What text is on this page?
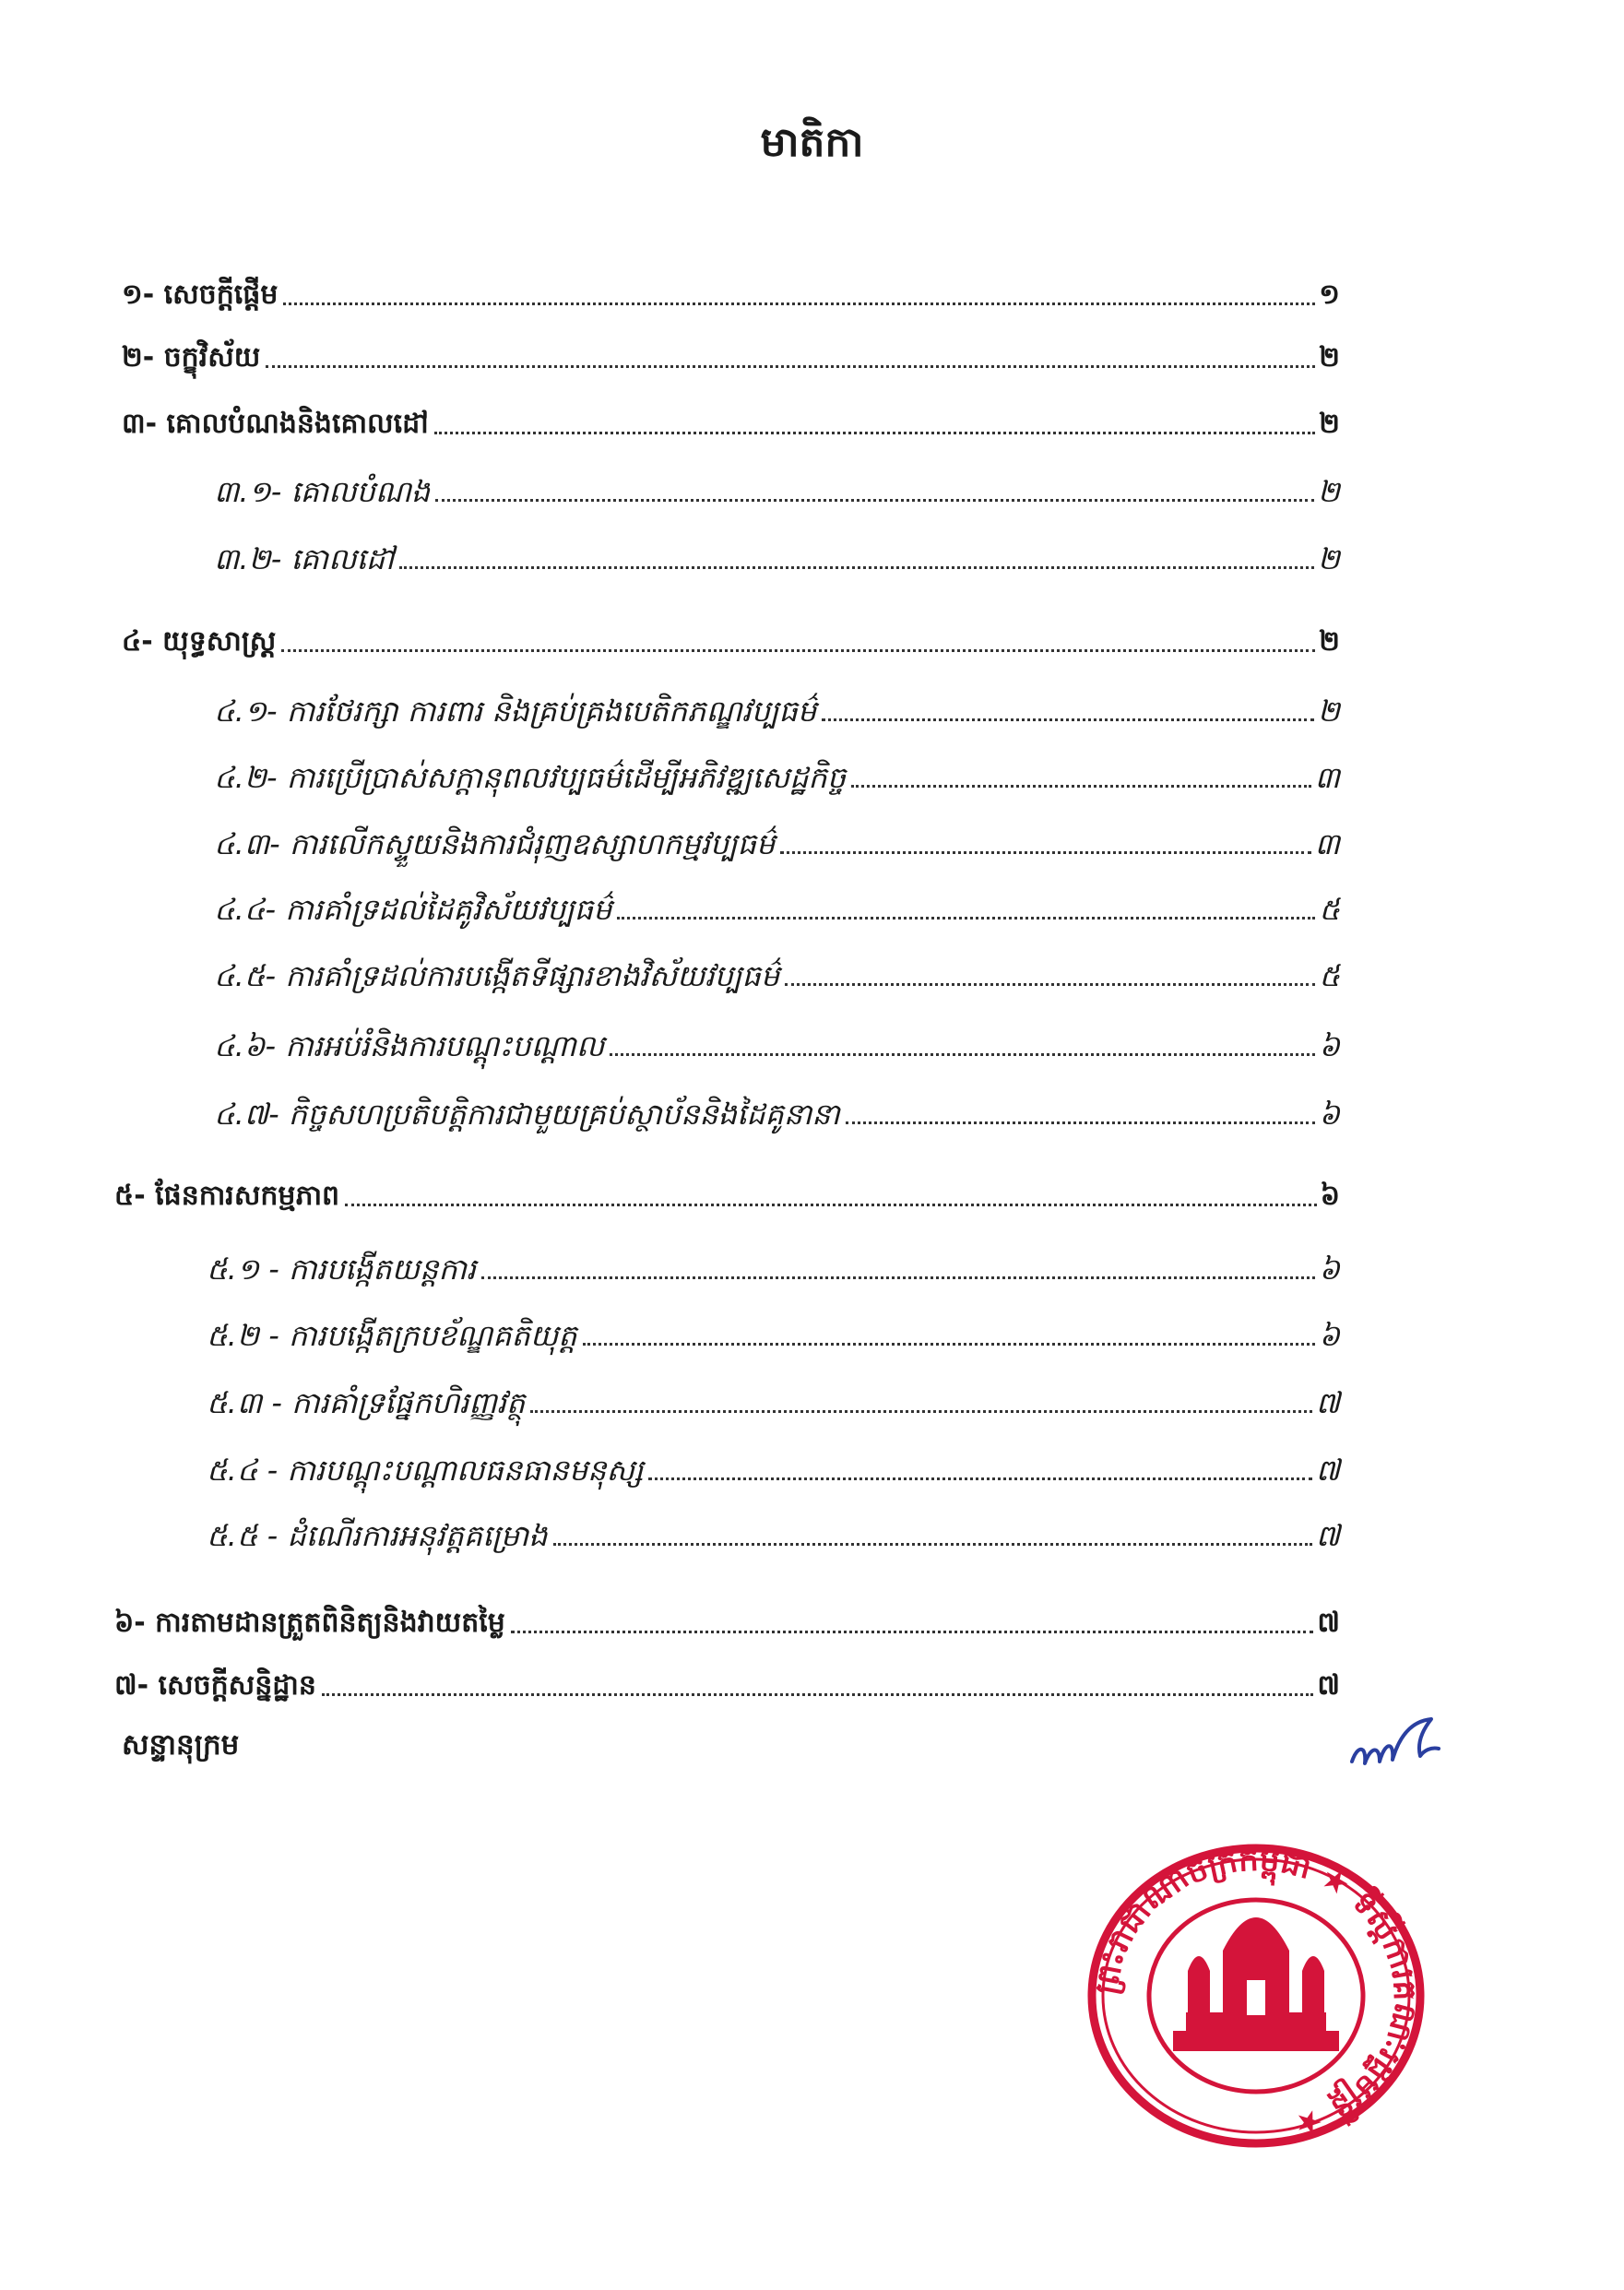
មាតិកា
១- សេចក្តីផ្តើម	១
២- ចក្ខុវិស័យ	២
៣- គោលបំណងនិងគោលដៅ	២
៣.១- គោលបំណង	២
៣.២- គោលដៅ	២
៤- យុទ្ធសាស្ត្រ	២
៤.១- ការថែរក្សា ការពារ និងគ្រប់គ្រងបេតិកភណ្ឌវប្បធម៌	២
៤.២- ការប្រើប្រាស់សក្តានុពលវប្បធម៌ដើម្បីអភិវឌ្ឍសេដ្ឋកិច្ច	៣
៤.៣- ការលើកស្ទួយនិងការជំរុញឧស្សាហកម្មវប្បធម៌	៣
៤.៤- ការគាំទ្រដល់ដៃគូវិស័យវប្បធម៌	៥
៤.៥- ការគាំទ្រដល់ការបង្កើតទីផ្សារខាងវិស័យវប្បធម៌	៥
៤.៦- ការអប់រំនិងការបណ្តុះបណ្តាល	៦
៤.៧- កិច្ចសហប្រតិបត្តិការជាមួយគ្រប់ស្ថាប័ននិងដៃគូនានា	៦
៥- ផែនការសកម្មភាព	៦
៥.១ - ការបង្កើតយន្តការ	៦
៥.២ - ការបង្កើតក្របខ័ណ្ឌគតិយុត្ត	៦
៥.៣ - ការគាំទ្រផ្នែកហិរញ្ញវត្ថុ	៧
៥.៤ - ការបណ្តុះបណ្តាលធនធានមនុស្ស	៧
៥.៥ - ដំណើរការអនុវត្តគម្រោង	៧
៦- ការតាមដានត្រួតពិនិត្យនិងវាយតម្លៃ	៧
៧- សេចក្តីសន្និដ្ឋាន	៧
សន្ទានុក្រម
ព្រះរាជាណាចក្រកម្ពុជា ★ ទីស្តីការគណៈរដ្ឋមន្ត្រី ★
